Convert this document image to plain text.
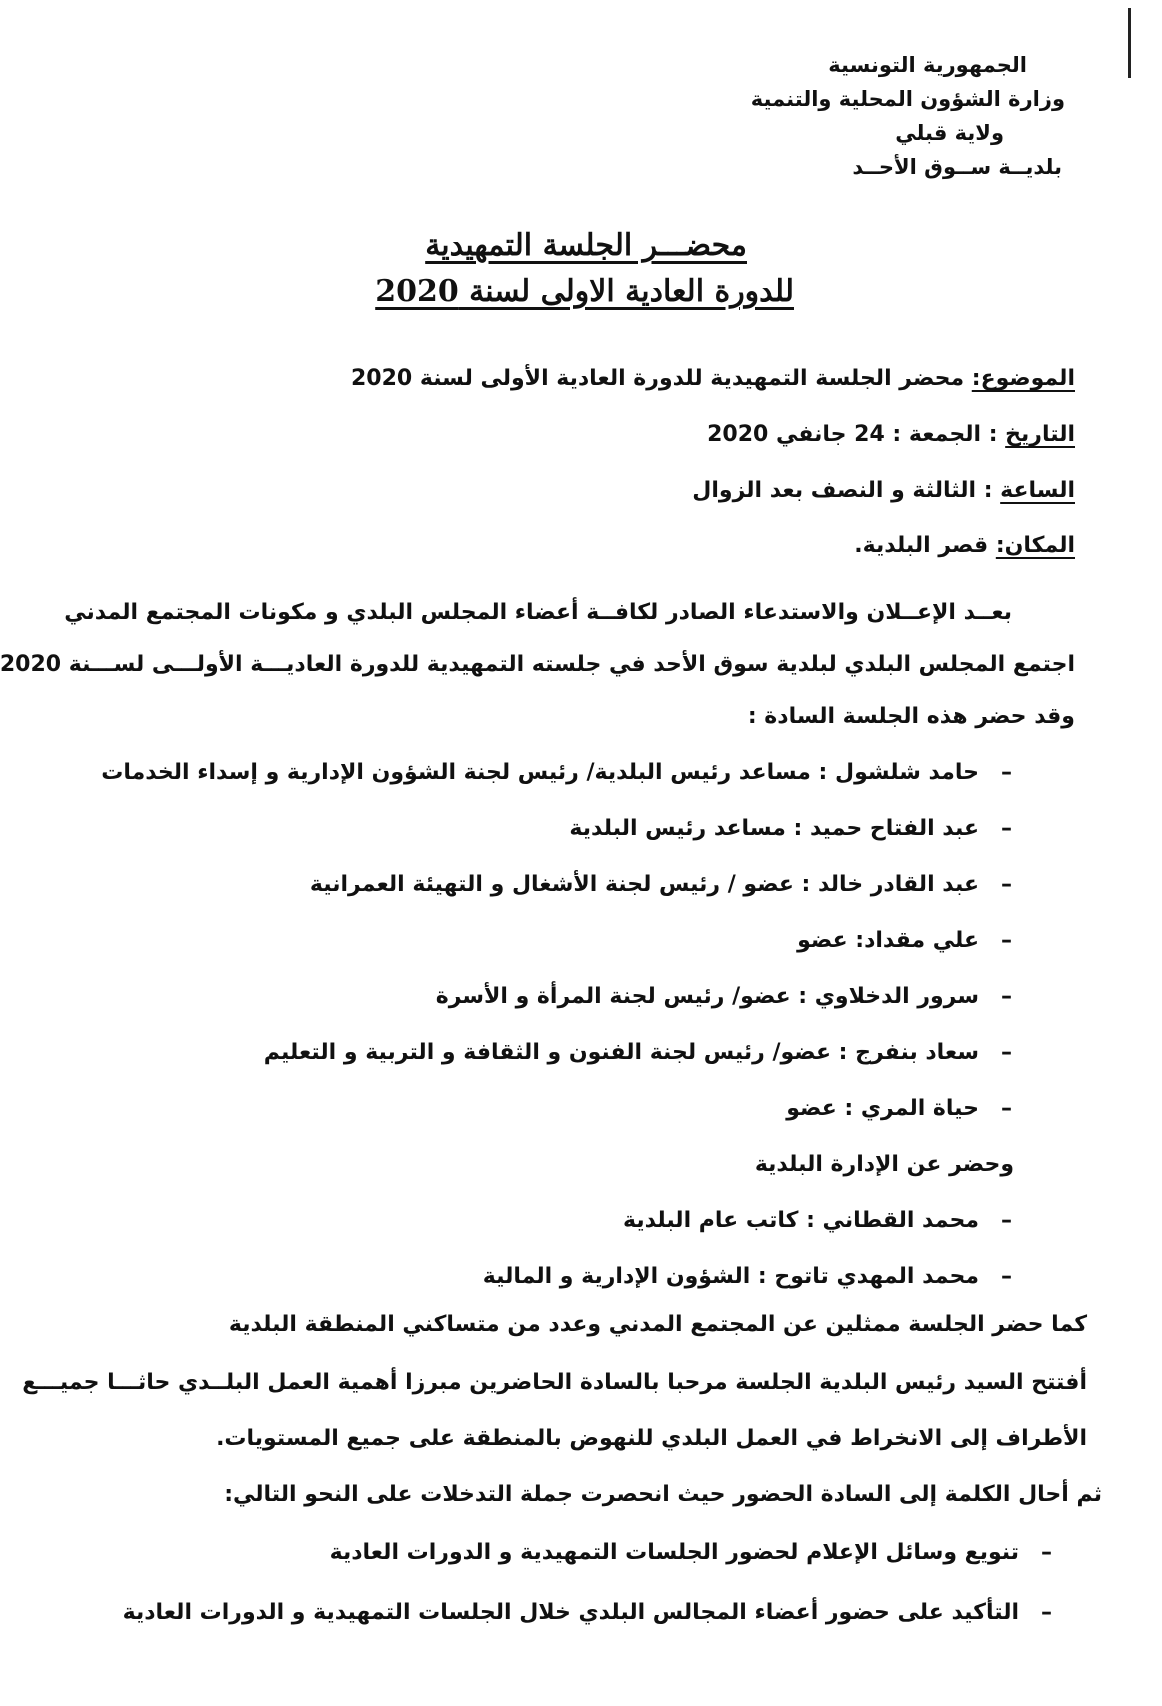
الجمهورية التونسية
وزارة الشؤون المحلية والتنمية
ولاية قبلي
بلديــة ســوق الأحــد
محضـــر الجلسة التمهيدية
للدورة العادية الاولى لسنة 2020
الموضوع: محضر الجلسة التمهيدية للدورة العادية الأولى لسنة 2020
التاريخ : الجمعة : 24 جانفي 2020
الساعة : الثالثة و النصف بعد الزوال
المكان: قصر البلدية.
بعــد الإعــلان والاستدعاء الصادر لكافــة أعضاء المجلس البلدي و مكونات المجتمع المدني
اجتمع المجلس البلدي لبلدية سوق الأحد في جلسته التمهيدية للدورة العاديـــة الأولـــى لســـنة 2020
وقد حضر هذه الجلسة السادة :
–حامد شلشول : مساعد رئيس البلدية/ رئيس لجنة الشؤون الإدارية و إسداء الخدمات
–عبد الفتاح حميد : مساعد رئيس البلدية
–عبد القادر خالد : عضو / رئيس لجنة الأشغال و التهيئة العمرانية
–علي مقداد: عضو
–سرور الدخلاوي : عضو/ رئيس لجنة المرأة و الأسرة
–سعاد بنفرج : عضو/ رئيس لجنة الفنون و الثقافة و التربية و التعليم
–حياة المري : عضو
وحضر عن الإدارة البلدية
–محمد القطاني : كاتب عام البلدية
–محمد المهدي تاتوح : الشؤون الإدارية و المالية
كما حضر الجلسة ممثلين عن المجتمع المدني وعدد من متساكني المنطقة البلدية
أفتتح السيد رئيس البلدية الجلسة مرحبا بالسادة الحاضرين مبرزا أهمية العمل البلــدي حاثـــا جميـــع
الأطراف إلى الانخراط في العمل البلدي للنهوض بالمنطقة على جميع المستويات.
ثم أحال الكلمة إلى السادة الحضور حيث انحصرت جملة التدخلات على النحو التالي:
–تنويع وسائل الإعلام لحضور الجلسات التمهيدية و الدورات العادية
–التأكيد على حضور أعضاء المجالس البلدي خلال الجلسات التمهيدية و الدورات العادية
